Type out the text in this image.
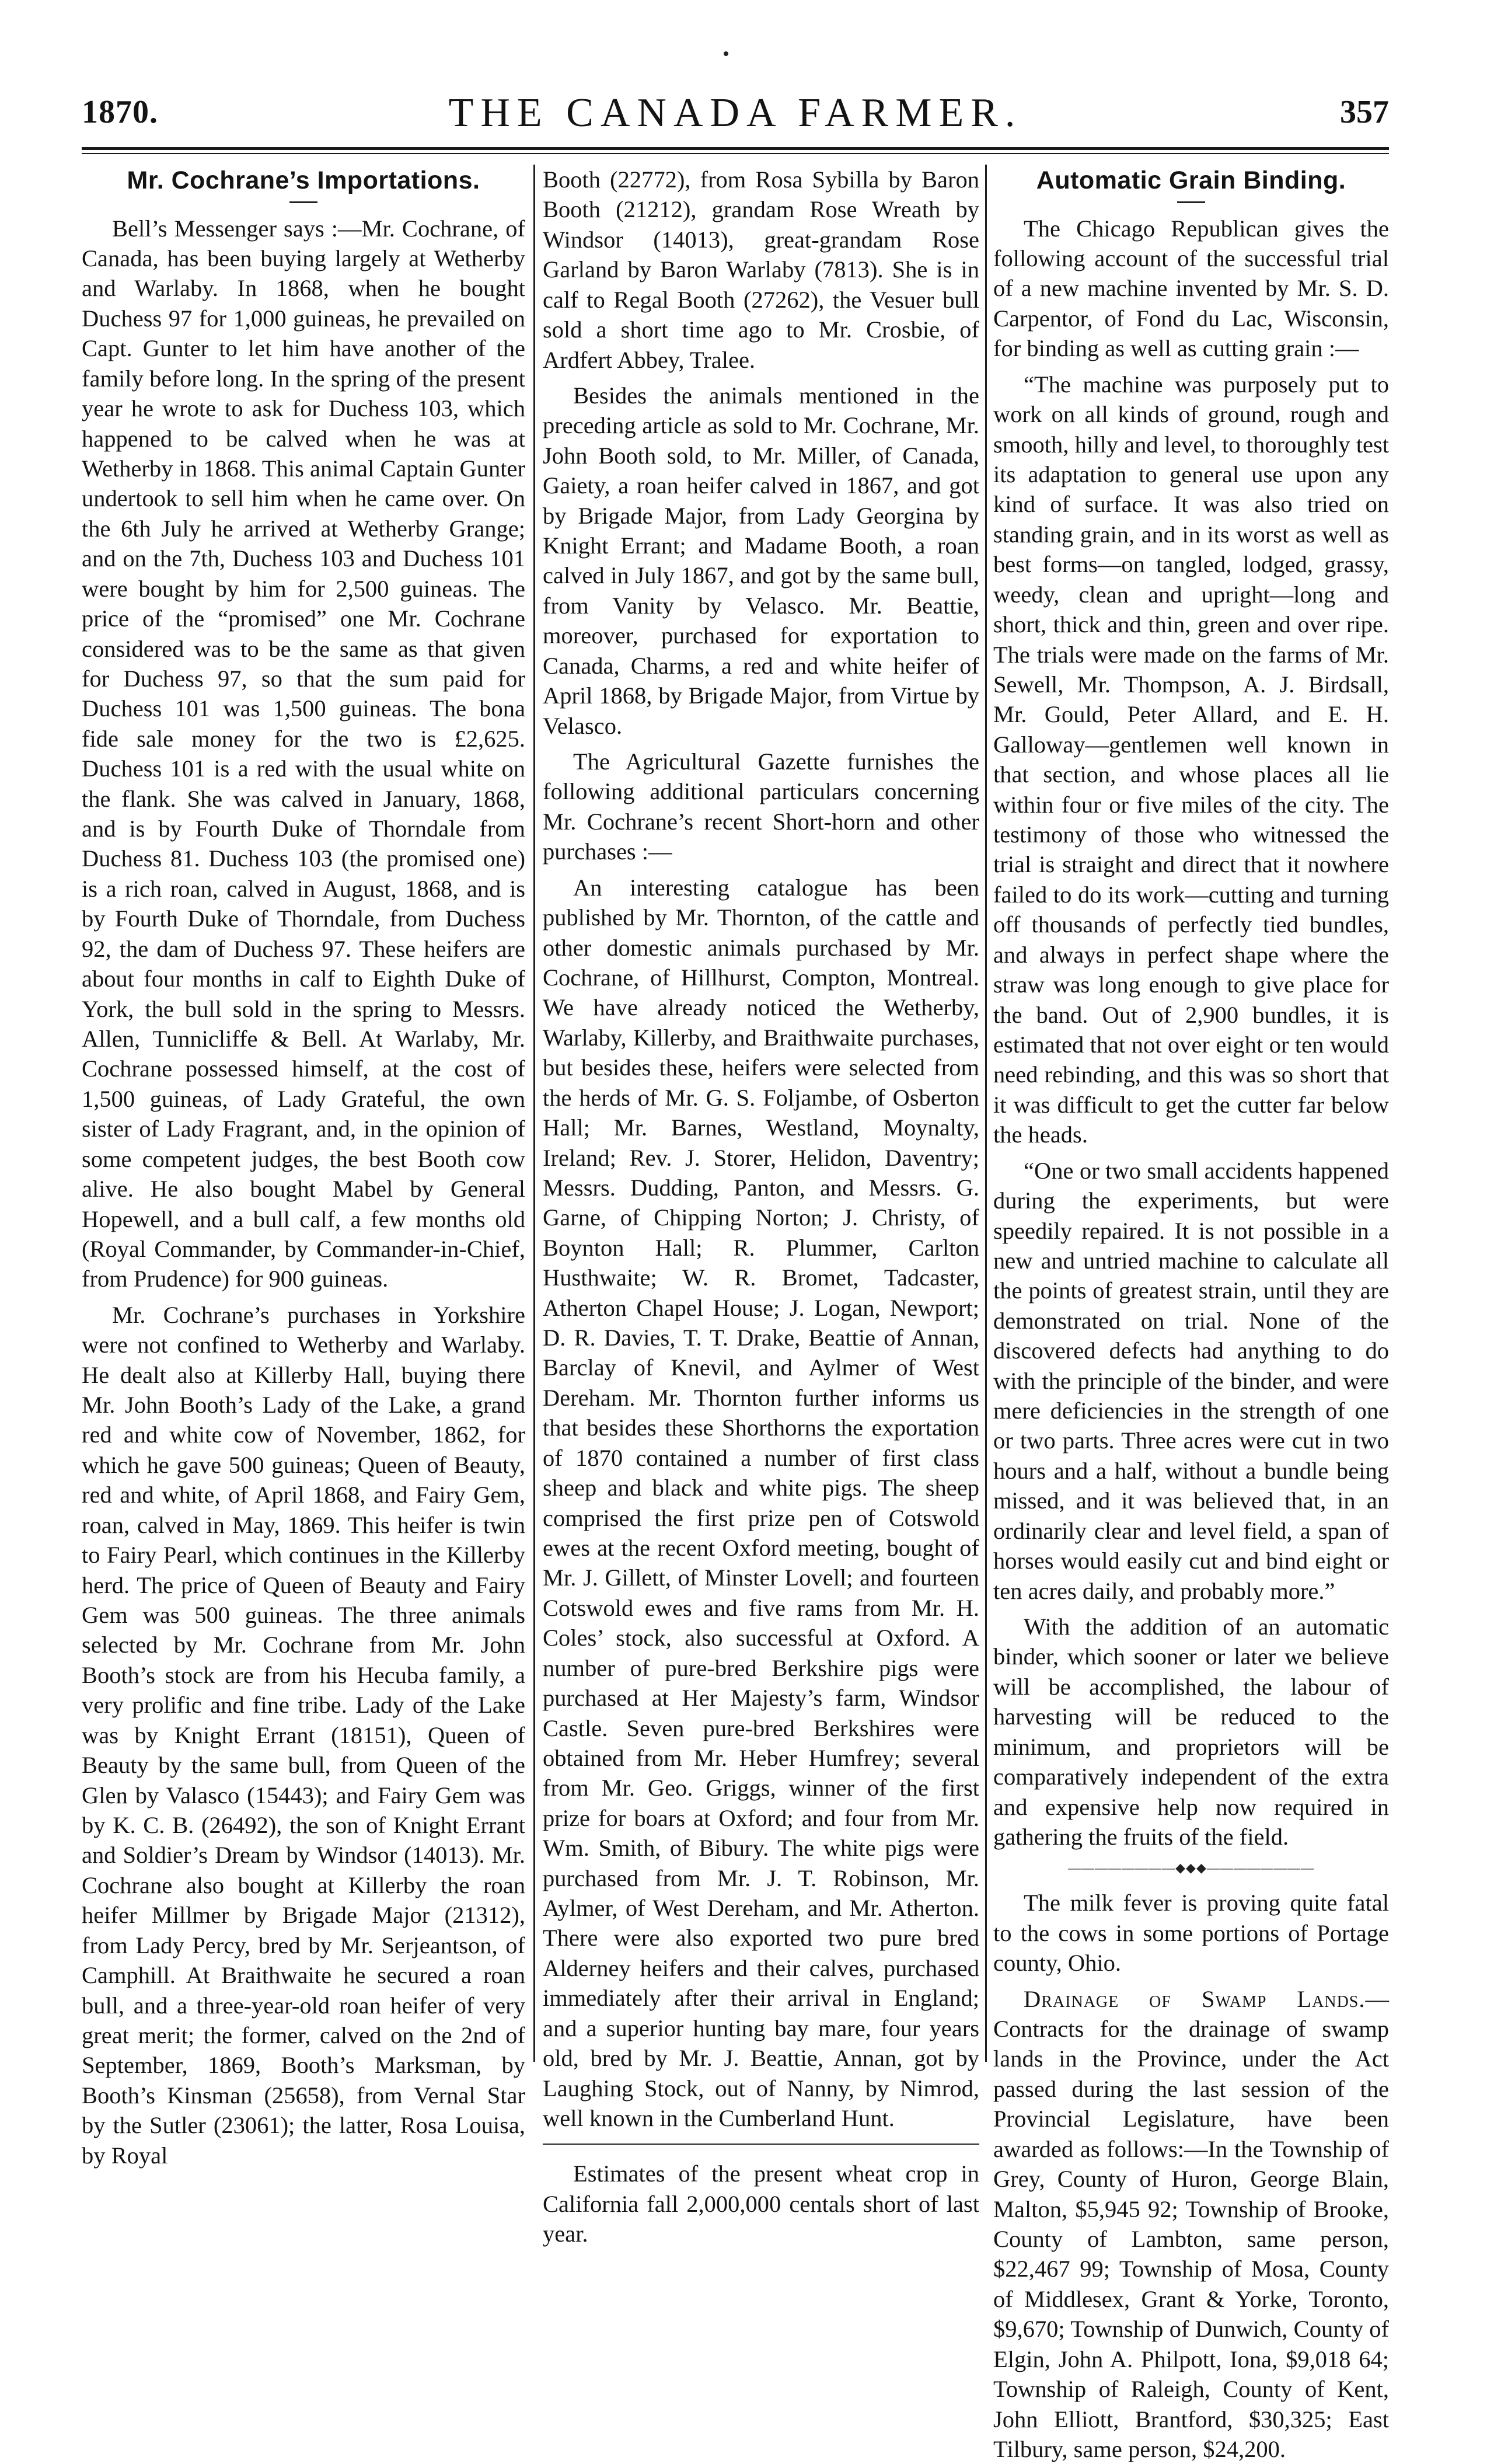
1870.	THE CANADA FARMER.	357
Mr. Cochrane’s Importations.

Bell’s Messenger says :—Mr. Cochrane, of Canada, has been buying largely at Wetherby and Warlaby. In 1868, when he bought Duchess 97 for 1,000 guineas, he prevailed on Capt. Gunter to let him have another of the family before long. In the spring of the present year he wrote to ask for Duchess 103, which happened to be calved when he was at Wetherby in 1868. This animal Captain Gunter undertook to sell him when he came over. On the 6th July he arrived at Wetherby Grange; and on the 7th, Duchess 103 and Duchess 101 were bought by him for 2,500 guineas. The price of the “promised” one Mr. Cochrane considered was to be the same as that given for Duchess 97, so that the sum paid for Duchess 101 was 1,500 guineas. The bona fide sale money for the two is £2,625. Duchess 101 is a red with the usual white on the flank. She was calved in January, 1868, and is by Fourth Duke of Thorndale from Duchess 81. Duchess 103 (the promised one) is a rich roan, calved in August, 1868, and is by Fourth Duke of Thorndale, from Duchess 92, the dam of Duchess 97. These heifers are about four months in calf to Eighth Duke of York, the bull sold in the spring to Messrs. Allen, Tunnicliffe & Bell. At Warlaby, Mr. Cochrane possessed himself, at the cost of 1,500 guineas, of Lady Grateful, the own sister of Lady Fragrant, and, in the opinion of some competent judges, the best Booth cow alive. He also bought Mabel by General Hopewell, and a bull calf, a few months old (Royal Commander, by Commander-in-Chief, from Prudence) for 900 guineas.

Mr. Cochrane’s purchases in Yorkshire were not confined to Wetherby and Warlaby. He dealt also at Killerby Hall, buying there Mr. John Booth’s Lady of the Lake, a grand red and white cow of November, 1862, for which he gave 500 guineas; Queen of Beauty, red and white, of April 1868, and Fairy Gem, roan, calved in May, 1869. This heifer is twin to Fairy Pearl, which continues in the Killerby herd. The price of Queen of Beauty and Fairy Gem was 500 guineas. The three animals selected by Mr. Cochrane from Mr. John Booth’s stock are from his Hecuba family, a very prolific and fine tribe. Lady of the Lake was by Knight Errant (18151), Queen of Beauty by the same bull, from Queen of the Glen by Valasco (15443); and Fairy Gem was by K. C. B. (26492), the son of Knight Errant and Soldier’s Dream by Windsor (14013). Mr. Cochrane also bought at Killerby the roan heifer Millmer by Brigade Major (21312), from Lady Percy, bred by Mr. Serjeantson, of Camphill. At Braithwaite he secured a roan bull, and a three-year-old roan heifer of very great merit; the former, calved on the 2nd of September, 1869, Booth’s Marksman, by Booth’s Kinsman (25658), from Vernal Star by the Sutler (23061); the latter, Rosa Louisa, by Royal

Booth (22772), from Rosa Sybilla by Baron Booth (21212), grandam Rose Wreath by Windsor (14013), great-grandam Rose Garland by Baron Warlaby (7813). She is in calf to Regal Booth (27262), the Vesuer bull sold a short time ago to Mr. Crosbie, of Ardfert Abbey, Tralee.

Besides the animals mentioned in the preceding article as sold to Mr. Cochrane, Mr. John Booth sold, to Mr. Miller, of Canada, Gaiety, a roan heifer calved in 1867, and got by Brigade Major, from Lady Georgina by Knight Errant; and Madame Booth, a roan calved in July 1867, and got by the same bull, from Vanity by Velasco. Mr. Beattie, moreover, purchased for exportation to Canada, Charms, a red and white heifer of April 1868, by Brigade Major, from Virtue by Velasco.

The Agricultural Gazette furnishes the following additional particulars concerning Mr. Cochrane’s recent Short-horn and other purchases :—

An interesting catalogue has been published by Mr. Thornton, of the cattle and other domestic animals purchased by Mr. Cochrane, of Hillhurst, Compton, Montreal. We have already noticed the Wetherby, Warlaby, Killerby, and Braithwaite purchases, but besides these, heifers were selected from the herds of Mr. G. S. Foljambe, of Osberton Hall; Mr. Barnes, Westland, Moynalty, Ireland; Rev. J. Storer, Helidon, Daventry; Messrs. Dudding, Panton, and Messrs. G. Garne, of Chipping Norton; J. Christy, of Boynton Hall; R. Plummer, Carlton Husthwaite; W. R. Bromet, Tadcaster, Atherton Chapel House; J. Logan, Newport; D. R. Davies, T. T. Drake, Beattie of Annan, Barclay of Knevil, and Aylmer of West Dereham. Mr. Thornton further informs us that besides these Shorthorns the exportation of 1870 contained a number of first class sheep and black and white pigs. The sheep comprised the first prize pen of Cotswold ewes at the recent Oxford meeting, bought of Mr. J. Gillett, of Minster Lovell; and fourteen Cotswold ewes and five rams from Mr. H. Coles’ stock, also successful at Oxford. A number of pure-bred Berkshire pigs were purchased at Her Majesty’s farm, Windsor Castle. Seven pure-bred Berkshires were obtained from Mr. Heber Humfrey; several from Mr. Geo. Griggs, winner of the first prize for boars at Oxford; and four from Mr. Wm. Smith, of Bibury. The white pigs were purchased from Mr. J. T. Robinson, Mr. Aylmer, of West Dereham, and Mr. Atherton. There were also exported two pure bred Alderney heifers and their calves, purchased immediately after their arrival in England; and a superior hunting bay mare, four years old, bred by Mr. J. Beattie, Annan, got by Laughing Stock, out of Nanny, by Nimrod, well known in the Cumberland Hunt.

Estimates of the present wheat crop in California fall 2,000,000 centals short of last year.

Automatic Grain Binding.

The Chicago Republican gives the following account of the successful trial of a new machine invented by Mr. S. D. Carpentor, of Fond du Lac, Wisconsin, for binding as well as cutting grain :—

“The machine was purposely put to work on all kinds of ground, rough and smooth, hilly and level, to thoroughly test its adaptation to general use upon any kind of surface. It was also tried on standing grain, and in its worst as well as best forms—on tangled, lodged, grassy, weedy, clean and upright—long and short, thick and thin, green and over ripe. The trials were made on the farms of Mr. Sewell, Mr. Thompson, A. J. Birdsall, Mr. Gould, Peter Allard, and E. H. Galloway—gentlemen well known in that section, and whose places all lie within four or five miles of the city. The testimony of those who witnessed the trial is straight and direct that it nowhere failed to do its work—cutting and turning off thousands of perfectly tied bundles, and always in perfect shape where the straw was long enough to give place for the band. Out of 2,900 bundles, it is estimated that not over eight or ten would need rebinding, and this was so short that it was difficult to get the cutter far below the heads.

“One or two small accidents happened during the experiments, but were speedily repaired. It is not possible in a new and untried machine to calculate all the points of greatest strain, until they are demonstrated on trial. None of the discovered defects had anything to do with the principle of the binder, and were mere deficiencies in the strength of one or two parts. Three acres were cut in two hours and a half, without a bundle being missed, and it was believed that, in an ordinarily clear and level field, a span of horses would easily cut and bind eight or ten acres daily, and probably more.”

With the addition of an automatic binder, which sooner or later we believe will be accomplished, the labour of harvesting will be reduced to the minimum, and proprietors will be comparatively independent of the extra and expensive help now required in gathering the fruits of the field.

————————◆◆◆————————

The milk fever is proving quite fatal to the cows in some portions of Portage county, Ohio.

Drainage of Swamp Lands.—Contracts for the drainage of swamp lands in the Province, under the Act passed during the last session of the Provincial Legislature, have been awarded as follows:—In the Township of Grey, County of Huron, George Blain, Malton, $5,945 92; Township of Brooke, County of Lambton, same person, $22,467 99; Township of Mosa, County of Middlesex, Grant & Yorke, Toronto, $9,670; Township of Dunwich, County of Elgin, John A. Philpott, Iona, $9,018 64; Township of Raleigh, County of Kent, John Elliott, Brantford, $30,325; East Tilbury, same person, $24,200.
